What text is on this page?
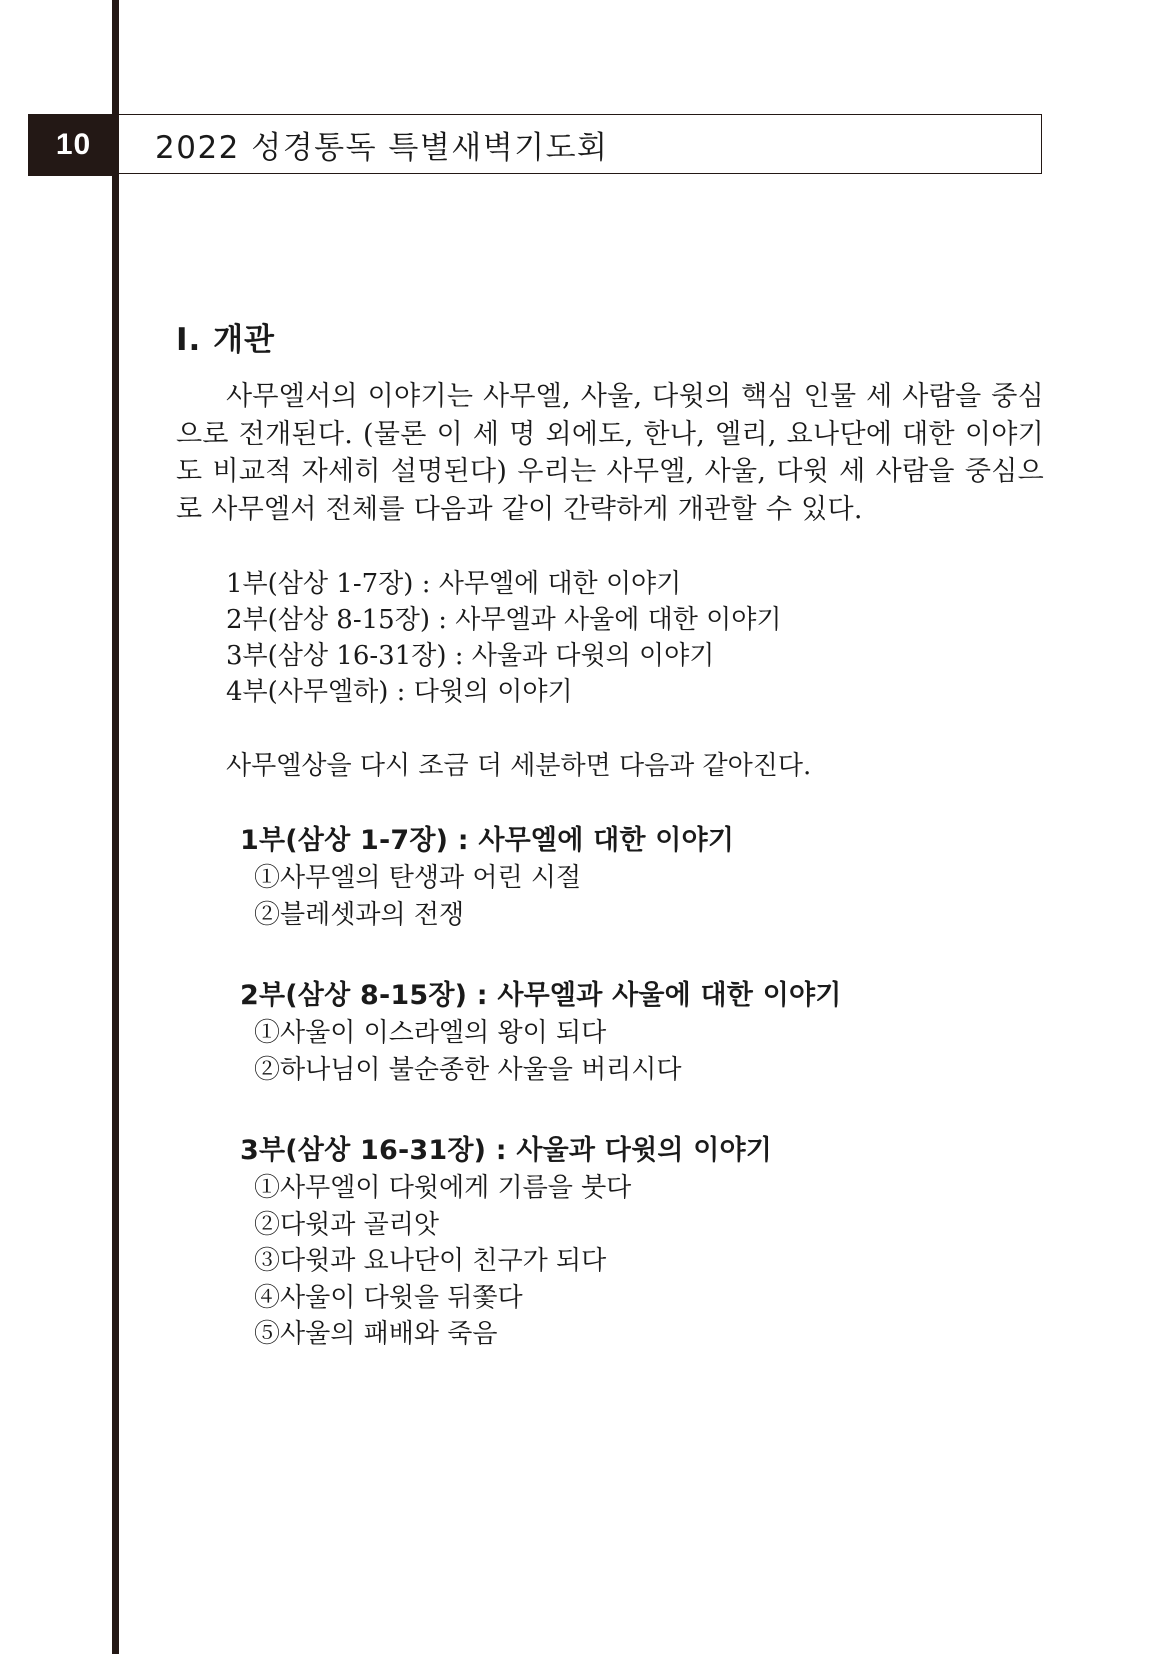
10 2022 성경통독 특별새벽기도회
I. 개관

사무엘서의 이야기는 사무엘, 사울, 다윗의 핵심 인물 세 사람을 중심으로 전개된다. (물론 이 세 명 외에도, 한나, 엘리, 요나단에 대한 이야기도 비교적 자세히 설명된다) 우리는 사무엘, 사울, 다윗 세 사람을 중심으로 사무엘서 전체를 다음과 같이 간략하게 개관할 수 있다.

1부(삼상 1-7장) : 사무엘에 대한 이야기
2부(삼상 8-15장) : 사무엘과 사울에 대한 이야기
3부(삼상 16-31장) : 사울과 다윗의 이야기
4부(사무엘하) : 다윗의 이야기

사무엘상을 다시 조금 더 세분하면 다음과 같아진다.

1부(삼상 1-7장) : 사무엘에 대한 이야기
①사무엘의 탄생과 어린 시절
②블레셋과의 전쟁
2부(삼상 8-15장) : 사무엘과 사울에 대한 이야기
①사울이 이스라엘의 왕이 되다
②하나님이 불순종한 사울을 버리시다
3부(삼상 16-31장) : 사울과 다윗의 이야기
①사무엘이 다윗에게 기름을 붓다
②다윗과 골리앗
③다윗과 요나단이 친구가 되다
④사울이 다윗을 뒤쫓다
⑤사울의 패배와 죽음
